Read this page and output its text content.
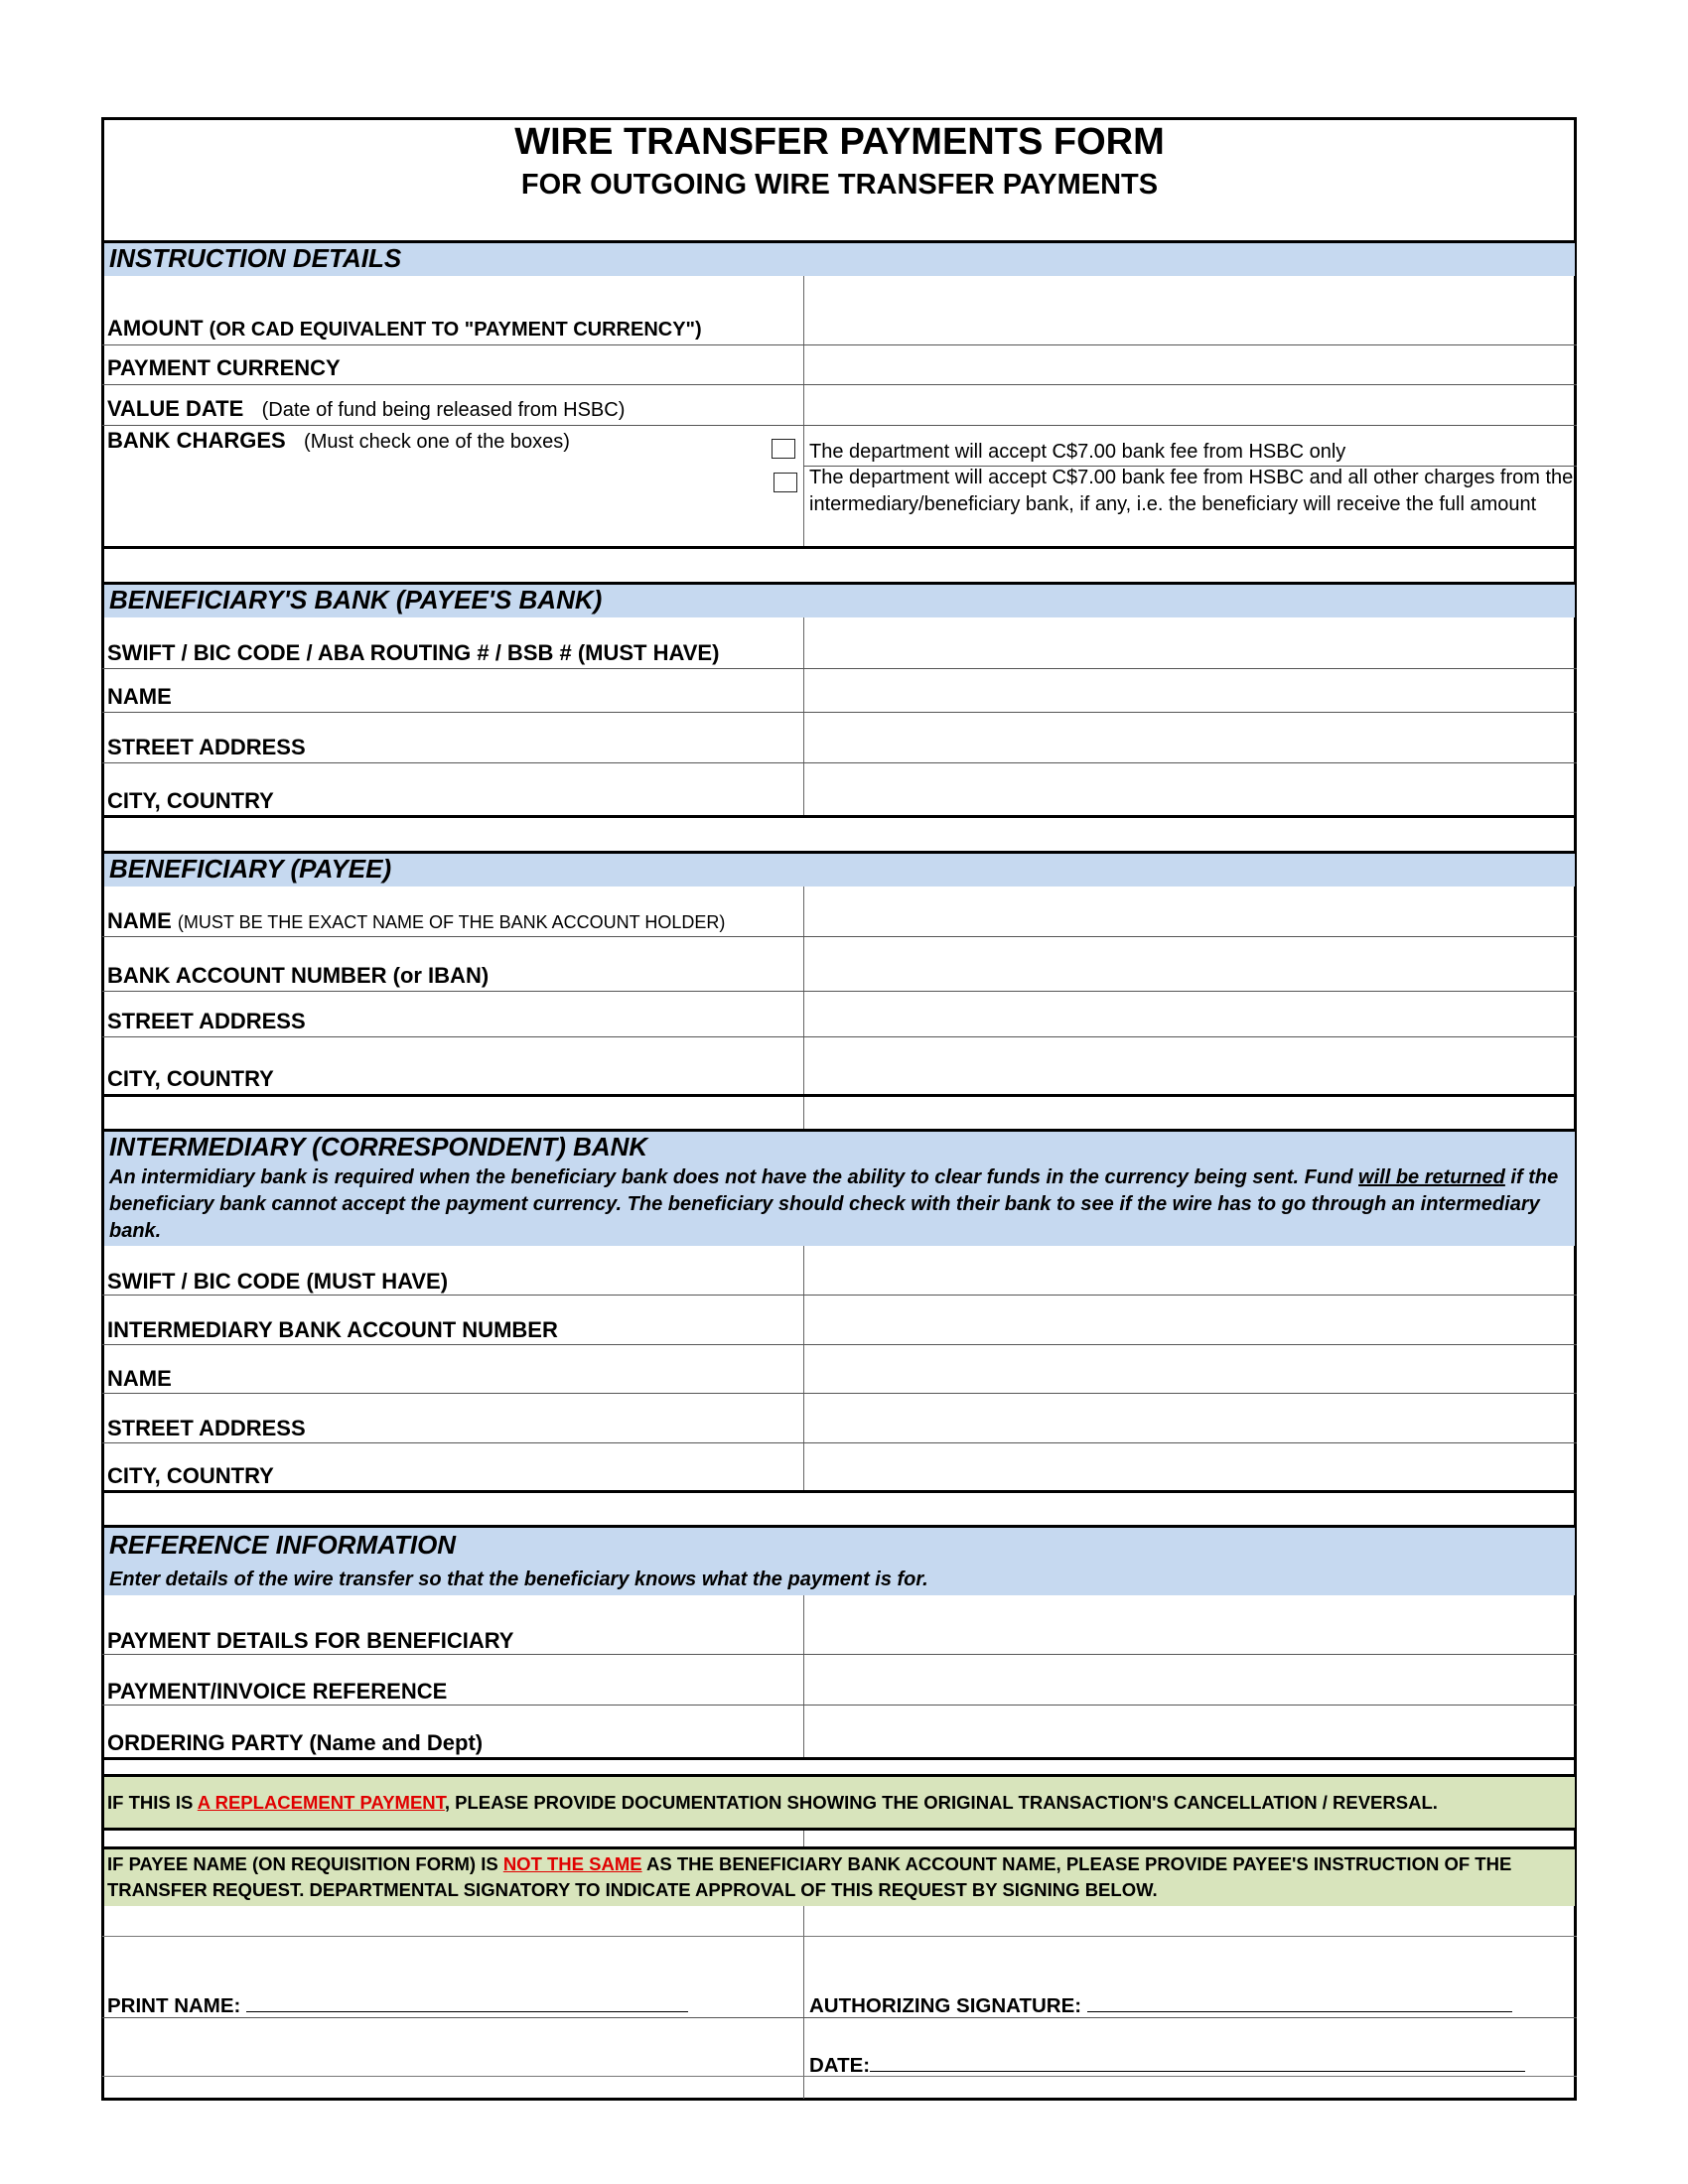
WIRE TRANSFER PAYMENTS FORM
FOR OUTGOING WIRE TRANSFER PAYMENTS
INSTRUCTION DETAILS
AMOUNT (OR CAD EQUIVALENT TO "PAYMENT CURRENCY")
PAYMENT CURRENCY
VALUE DATE (Date of fund being released from HSBC)
BANK CHARGES (Must check one of the boxes)	The department will accept C$7.00 bank fee from HSBC only
The department will accept C$7.00 bank fee from HSBC and all other charges from the intermediary/beneficiary bank, if any, i.e. the beneficiary will receive the full amount
BENEFICIARY'S BANK (PAYEE'S BANK)
SWIFT / BIC CODE / ABA ROUTING # / BSB # (MUST HAVE)
NAME
STREET ADDRESS
CITY, COUNTRY
BENEFICIARY (PAYEE)
NAME (MUST BE THE EXACT NAME OF THE BANK ACCOUNT HOLDER)
BANK ACCOUNT NUMBER (or IBAN)
STREET ADDRESS
CITY, COUNTRY
INTERMEDIARY (CORRESPONDENT) BANK
An intermidiary bank is required when the beneficiary bank does not have the ability to clear funds in the currency being sent. Fund will be returned if the beneficiary bank cannot accept the payment currency. The beneficiary should check with their bank to see if the wire has to go through an intermediary bank.
SWIFT / BIC CODE (MUST HAVE)
INTERMEDIARY BANK ACCOUNT NUMBER
NAME
STREET ADDRESS
CITY, COUNTRY
REFERENCE INFORMATION
Enter details of the wire transfer so that the beneficiary knows what the payment is for.
PAYMENT DETAILS FOR BENEFICIARY
PAYMENT/INVOICE REFERENCE
ORDERING PARTY (Name and Dept)
IF THIS IS A REPLACEMENT PAYMENT, PLEASE PROVIDE DOCUMENTATION SHOWING THE ORIGINAL TRANSACTION'S CANCELLATION / REVERSAL.
IF PAYEE NAME (ON REQUISITION FORM) IS NOT THE SAME AS THE BENEFICIARY BANK ACCOUNT NAME, PLEASE PROVIDE PAYEE'S INSTRUCTION OF THE TRANSFER REQUEST. DEPARTMENTAL SIGNATORY TO INDICATE APPROVAL OF THIS REQUEST BY SIGNING BELOW.
PRINT NAME:	AUTHORIZING SIGNATURE:
DATE:
